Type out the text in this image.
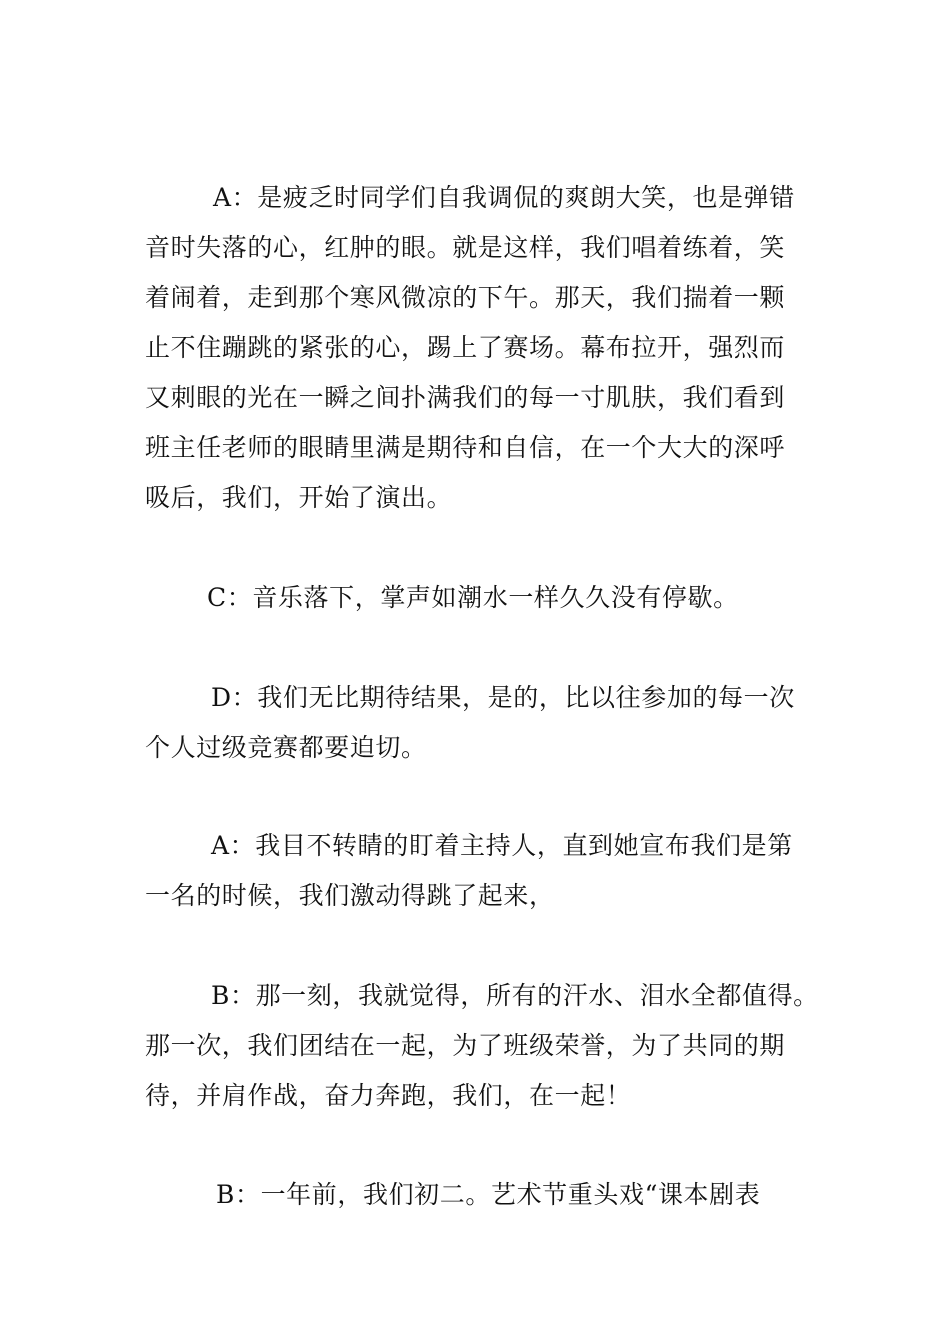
A：是疲乏时同学们自我调侃的爽朗大笑，也是弹错
音时失落的心，红肿的眼。就是这样，我们唱着练着，笑
着闹着，走到那个寒风微凉的下午。那天，我们揣着一颗
止不住蹦跳的紧张的心，踢上了赛场。幕布拉开，强烈而
又刺眼的光在一瞬之间扑满我们的每一寸肌肤，我们看到
班主任老师的眼睛里满是期待和自信，在一个大大的深呼
吸后，我们，开始了演出。
C：音乐落下，掌声如潮水一样久久没有停歇。
D：我们无比期待结果，是的，比以往参加的每一次
个人过级竞赛都要迫切。
A：我目不转睛的盯着主持人，直到她宣布我们是第
一名的时候，我们激动得跳了起来，
B：那一刻，我就觉得，所有的汗水、泪水全都值得。
那一次，我们团结在一起，为了班级荣誉，为了共同的期
待，并肩作战，奋力奔跑，我们，在一起！
B：一年前，我们初二。艺术节重头戏“课本剧表
